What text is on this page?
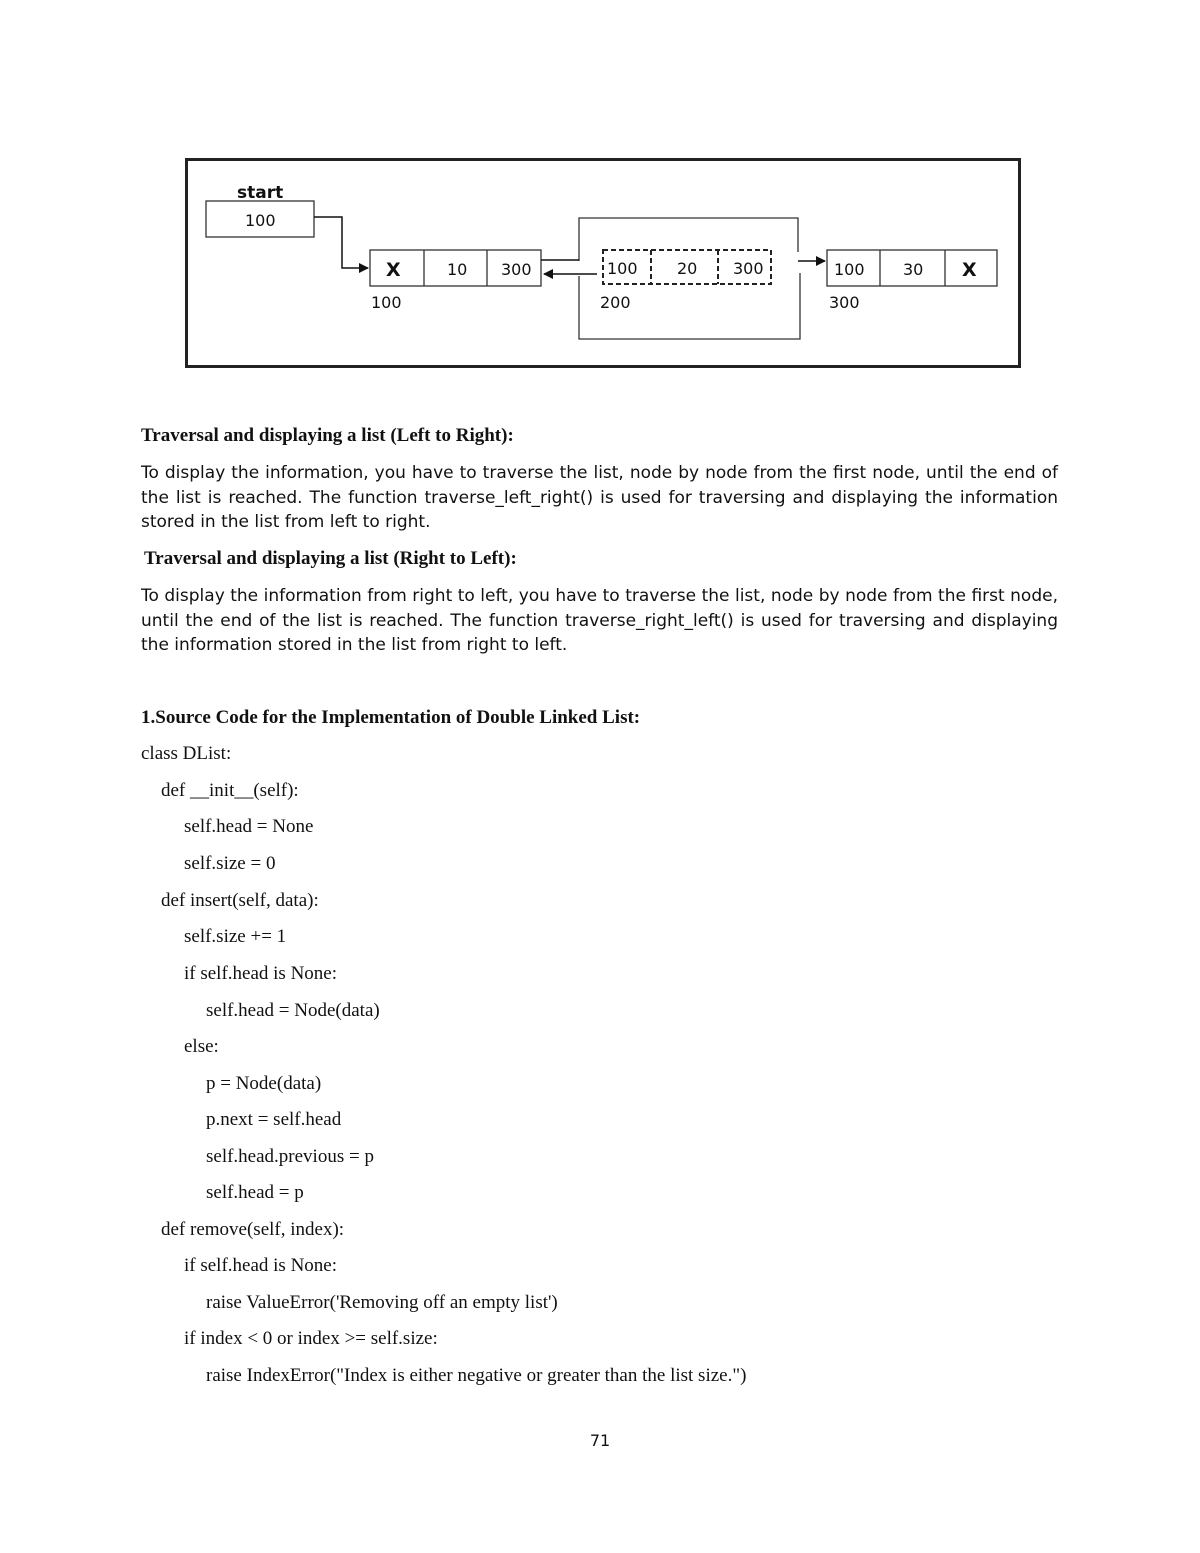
start
100
X	10 300
100
100 20 300
200
100 30 X
300
Traversal and displaying a list (Left to Right):
To display the information, you have to traverse the list, node by node from the first node, until the end of the list is reached. The function traverse_left_right() is used for traversing and displaying the information stored in the list from left to right.
Traversal and displaying a list (Right to Left):
To display the information from right to left, you have to traverse the list, node by node from the first node, until the end of the list is reached. The function traverse_right_left() is used for traversing and displaying the information stored in the list from right to left.
1.Source Code for the Implementation of Double Linked List:
class DList:
def __init__(self):
self.head = None
self.size = 0
def insert(self, data):
self.size += 1
if self.head is None:
self.head = Node(data)
else:
p = Node(data)
p.next = self.head
self.head.previous = p
self.head = p
def remove(self, index):
if self.head is None:
raise ValueError('Removing off an empty list')
if index < 0 or index >= self.size:
raise IndexError("Index is either negative or greater than the list size.")
71
